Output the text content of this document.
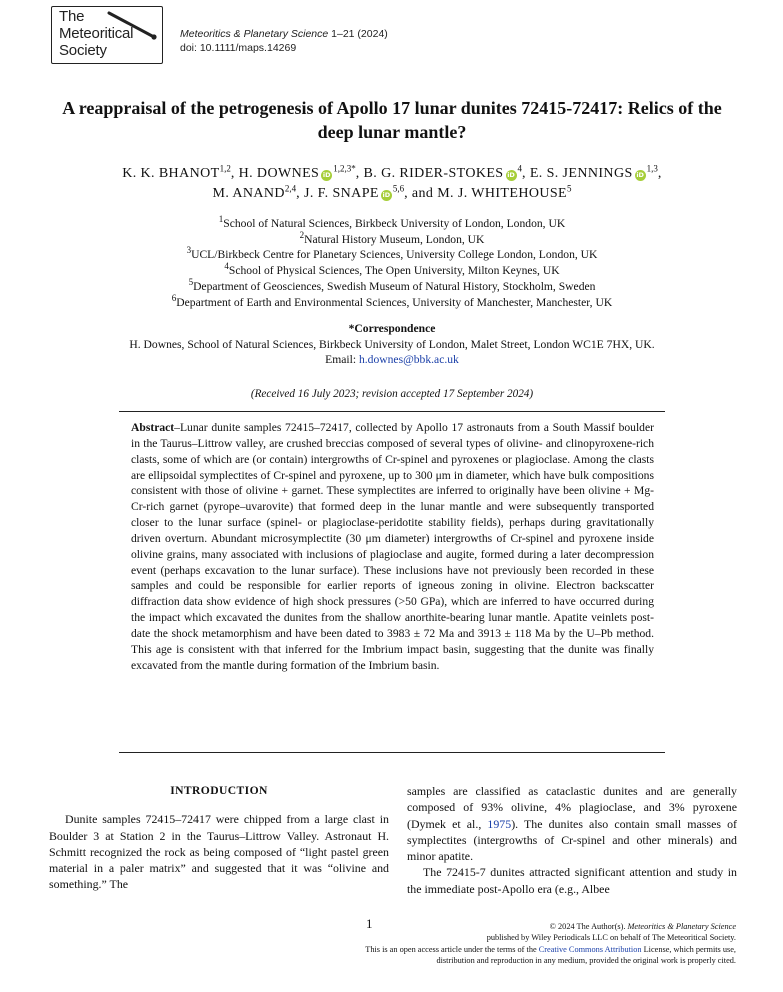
The
Meteoritical
Society
Meteoritics & Planetary Science 1–21 (2024)
doi: 10.1111/maps.14269
A reappraisal of the petrogenesis of Apollo 17 lunar dunites 72415-72417: Relics of the deep lunar mantle?
K. K. BHANOT$^{1,2}$, H. DOWNES $iD^{1,2,3*}$, B. G. RIDER-STOKES $iD^4$, E. S. JENNINGS iD$^{1,3}$,
M. ANAND$^{2,4}$, J. F. SNAPE iD$^{5,6}$, and M. J. WHITEHOUSE$^5$
$^1$School of Natural Sciences, Birkbeck University of London, London, UK
$^2$Natural History Museum, London, UK
$^3$UCL/Birkbeck Centre for Planetary Sciences, University College London, London, UK
$^4$School of Physical Sciences, The Open University, Milton Keynes, UK
$^5$Department of Geosciences, Swedish Museum of Natural History, Stockholm, Sweden
$^6$Department of Earth and Environmental Sciences, University of Manchester, Manchester, UK
*Correspondence
H. Downes, School of Natural Sciences, Birkbeck University of London, Malet Street, London WC1E 7HX, UK.
Email: h.downes@bbk.ac.uk
(Received 16 July 2023; revision accepted 17 September 2024)
Abstract–Lunar dunite samples 72415–72417, collected by Apollo 17 astronauts from a South Massif boulder in the Taurus–Littrow valley, are crushed breccias composed of several types of olivine- and clinopyroxene-rich clasts, some of which are (or contain) intergrowths of Cr-spinel and pyroxenes or plagioclase. Among the clasts are ellipsoidal symplectites of Cr-spinel and pyroxene, up to 300 μm in diameter, which have bulk compositions consistent with those of olivine + garnet. These symplectites are inferred to originally have been olivine + Mg-Cr-rich garnet (pyrope–uvarovite) that formed deep in the lunar mantle and were subsequently transported closer to the lunar surface (spinel- or plagioclase-peridotite stability fields), perhaps during gravitationally driven overturn. Abundant microsymplectite (30 μm diameter) intergrowths of Cr-spinel and pyroxene inside olivine grains, many associated with inclusions of plagioclase and augite, formed during a later decompression event (perhaps excavation to the lunar surface). These inclusions have not previously been recorded in these samples and could be responsible for earlier reports of igneous zoning in olivine. Electron backscatter diffraction data show evidence of high shock pressures (>50 GPa), which are inferred to have occurred during the impact which excavated the dunites from the shallow anorthite-bearing lunar mantle. Apatite veinlets post-date the shock metamorphism and have been dated to 3983 ± 72 Ma and 3913 ± 118 Ma by the U–Pb method. This age is consistent with that inferred for the Imbrium impact basin, suggesting that the dunite was finally excavated from the mantle during formation of the Imbrium basin.
INTRODUCTION

Dunite samples 72415–72417 were chipped from a large clast in Boulder 3 at Station 2 in the Taurus–Littrow Valley. Astronaut H. Schmitt recognized the rock as being composed of “light pastel green material in a paler matrix” and suggested that it was “olivine and something.” The

samples are classified as cataclastic dunites and are generally composed of 93% olivine, 4% plagioclase, and 3% pyroxene (Dymek et al., 1975). The dunites also contain small masses of symplectites (intergrowths of Cr-spinel and other minerals) and minor apatite.

The 72415-7 dunites attracted significant attention and study in the immediate post-Apollo era (e.g., Albee

1	© 2024 The Author(s). Meteoritics & Planetary Science
published by Wiley Periodicals LLC on behalf of The Meteoritical Society.
This is an open access article under the terms of the Creative Commons Attribution License, which permits use,
distribution and reproduction in any medium, provided the original work is properly cited.
